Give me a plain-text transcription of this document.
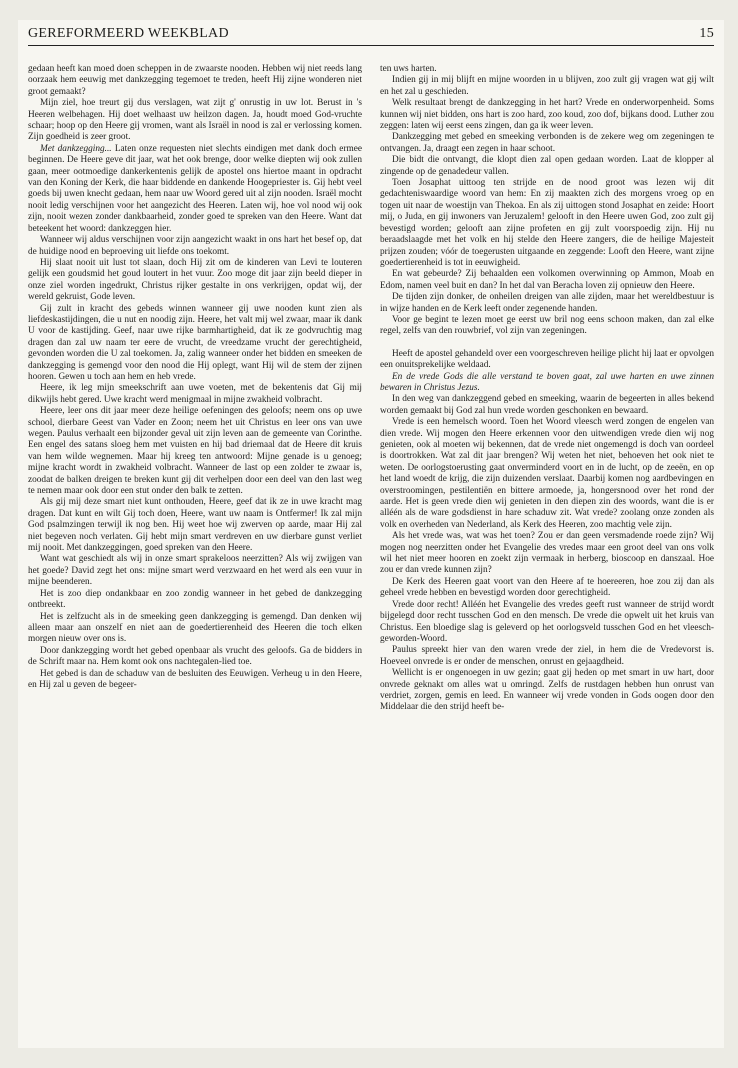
GEREFORMEERD WEEKBLAD	15

gedaan heeft kan moed doen scheppen in de zwaarste nooden. Hebben wij niet reeds lang oorzaak hem eeuwig met dankzegging tegemoet te treden, heeft Hij zijne wonderen niet groot gemaakt?

Mijn ziel, hoe treurt gij dus verslagen, wat zijt g' onrustig in uw lot. Berust in 's Heeren welbehagen. Hij doet welhaast uw heilzon dagen. Ja, houdt moed God-vruchte schaar; hoop op den Heere gij vromen, want als Israël in nood is zal er verlossing komen. Zijn goedheid is zeer groot.

Met dankzegging... Laten onze requesten niet slechts eindigen met dank doch ermee beginnen. De Heere geve dit jaar, wat het ook brenge, door welke diepten wij ook zullen gaan, meer ootmoedige dankerkentenis gelijk de apostel ons hiertoe maant in opdracht van den Koning der Kerk, die haar biddende en dankende Hoogepriester is. Gij hebt veel goeds bij uwen knecht gedaan, hem naar uw Woord gered uit al zijn nooden. Israël mocht nooit ledig verschijnen voor het aangezicht des Heeren. Laten wij, hoe vol nood wij ook zijn, nooit wezen zonder dankbaarheid, zonder goed te spreken van den Heere. Want dat beteekent het woord: dankzeggen hier.

Wanneer wij aldus verschijnen voor zijn aangezicht waakt in ons hart het besef op, dat de huidige nood en beproeving uit liefde ons toekomt.

Hij slaat nooit uit lust tot slaan, doch Hij zit om de kinderen van Levi te louteren gelijk een goudsmid het goud loutert in het vuur. Zoo moge dit jaar zijn beeld dieper in onze ziel worden ingedrukt, Christus rijker gestalte in ons verkrijgen, opdat wij, der wereld gekruist, Gode leven.

Gij zult in kracht des gebeds winnen wanneer gij uwe nooden kunt zien als liefdeskastijdingen, die u nut en noodig zijn. Heere, het valt mij wel zwaar, maar ik dank U voor de kastijding. Geef, naar uwe rijke barmhartigheid, dat ik ze godvruchtig mag dragen dan zal uw naam ter eere de vrucht, de vreedzame vrucht der gerechtigheid, gevonden worden die U zal toekomen. Ja, zalig wanneer onder het bidden en smeeken de dankzegging is gemengd voor den nood die Hij oplegt, want Hij wil de stem der zijnen hooren. Gewen u toch aan hem en heb vrede.

Heere, ik leg mijn smeekschrift aan uwe voeten, met de bekentenis dat Gij mij dikwijls hebt gered. Uwe kracht werd menigmaal in mijne zwakheid volbracht.

Heere, leer ons dit jaar meer deze heilige oefeningen des geloofs; neem ons op uwe school, dierbare Geest van Vader en Zoon; neem het uit Christus en leer ons van uwe wegen. Paulus verhaalt een bijzonder geval uit zijn leven aan de gemeente van Corinthe. Een engel des satans sloeg hem met vuisten en hij bad driemaal dat de Heere dit kruis van hem wilde wegnemen. Maar hij kreeg ten antwoord: Mijne genade is u genoeg; mijne kracht wordt in zwakheid volbracht. Wanneer de last op een zolder te zwaar is, zoodat de balken dreigen te breken kunt gij dit verhelpen door een deel van den last weg te nemen maar ook door een stut onder den balk te zetten.

Als gij mij deze smart niet kunt onthouden, Heere, geef dat ik ze in uwe kracht mag dragen. Dat kunt en wilt Gij toch doen, Heere, want uw naam is Ontfermer! Ik zal mijn God psalmzingen terwijl ik nog ben. Hij weet hoe wij zwerven op aarde, maar Hij zal niet begeven noch verlaten. Gij hebt mijn smart verdreven en uw dierbare gunst verliet mij nooit. Met dankzeggingen, goed spreken van den Heere.

Want wat geschiedt als wij in onze smart sprakeloos neerzitten? Als wij zwijgen van het goede? David zegt het ons: mijne smart werd verzwaard en het werd als een vuur in mijne beenderen.

Het is zoo diep ondankbaar en zoo zondig wanneer in het gebed de dankzegging ontbreekt.

Het is zelfzucht als in de smeeking geen dankzegging is gemengd. Dan denken wij alleen maar aan onszelf en niet aan de goedertierenheid des Heeren die toch elken morgen nieuw over ons is.

Door dankzegging wordt het gebed openbaar als vrucht des geloofs. Ga de bidders in de Schrift maar na. Hem komt ook ons nachtegalen-lied toe.

Het gebed is dan de schaduw van de besluiten des Eeuwigen. Verheug u in den Heere, en Hij zal u geven de begeer-

ten uws harten.

Indien gij in mij blijft en mijne woorden in u blijven, zoo zult gij vragen wat gij wilt en het zal u geschieden.

Welk resultaat brengt de dankzegging in het hart? Vrede en onderworpenheid. Soms kunnen wij niet bidden, ons hart is zoo hard, zoo koud, zoo dof, bijkans dood. Luther zou zeggen: laten wij eerst eens zingen, dan ga ik weer leven.

Dankzegging met gebed en smeeking verbonden is de zekere weg om zegeningen te ontvangen. Ja, draagt een zegen in haar schoot.

Die bidt die ontvangt, die klopt dien zal open gedaan worden. Laat de klopper al zingende op de genadedeur vallen.

Toen Josaphat uittoog ten strijde en de nood groot was lezen wij dit gedachteniswaardige woord van hem: En zij maakten zich des morgens vroeg op en togen uit naar de woestijn van Thekoa. En als zij uittogen stond Josaphat en zeide: Hoort mij, o Juda, en gij inwoners van Jeruzalem! gelooft in den Heere uwen God, zoo zult gij bevestigd worden; gelooft aan zijne profeten en gij zult voorspoedig zijn. Hij nu beraadslaagde met het volk en hij stelde den Heere zangers, die de heilige Majesteit prijzen zouden; vóór de toegerusten uitgaande en zeggende: Looft den Heere, want zijne goedertierenheid is tot in eeuwigheid.

En wat gebeurde? Zij behaalden een volkomen overwinning op Ammon, Moab en Edom, namen veel buit en dan? In het dal van Beracha loven zij opnieuw den Heere.

De tijden zijn donker, de onheilen dreigen van alle zijden, maar het wereldbestuur is in wijze handen en de Kerk leeft onder zegenende handen.

Voor ge begint te lezen moet ge eerst uw bril nog eens schoon maken, dan zal elke regel, zelfs van den rouwbrief, vol zijn van zegeningen.

Heeft de apostel gehandeld over een voorgeschreven heilige plicht hij laat er opvolgen een onuitsprekelijke weldaad.

En de vrede Gods die alle verstand te boven gaat, zal uwe harten en uwe zinnen bewaren in Christus Jezus.

In den weg van dankzeggend gebed en smeeking, waarin de begeerten in alles bekend worden gemaakt bij God zal hun vrede worden geschonken en bewaard.

Vrede is een hemelsch woord. Toen het Woord vleesch werd zongen de engelen van dien vrede. Wij mogen den Heere erkennen voor den uitwendigen vrede dien wij nog genieten, ook al moeten wij bekennen, dat de vrede niet ongemengd is doch van oordeel is doortrokken. Wat zal dit jaar brengen? Wij weten het niet, behoeven het ook niet te weten. De oorlogstoerusting gaat onverminderd voort en in de lucht, op de zeeën, en op het land woedt de krijg, die zijn duizenden verslaat. Daarbij komen nog aardbevingen en overstroomingen, pestilentiën en bittere armoede, ja, hongersnood over het rond der aarde. Het is geen vrede dien wij genieten in den diepen zin des woords, want die is er alléén als de ware godsdienst in hare schaduw zit. Wat vrede? zoolang onze zonden als volk en overheden van Nederland, als Kerk des Heeren, zoo machtig vele zijn.

Als het vrede was, wat was het toen? Zou er dan geen versmadende roede zijn? Wij mogen nog neerzitten onder het Evangelie des vredes maar een groot deel van ons volk wil het niet meer hooren en zoekt zijn vermaak in herberg, bioscoop en danszaal. Hoe zou er dan vrede kunnen zijn?

De Kerk des Heeren gaat voort van den Heere af te hoereeren, hoe zou zij dan als geheel vrede hebben en bevestigd worden door gerechtigheid.

Vrede door recht! Alléén het Evangelie des vredes geeft rust wanneer de strijd wordt bijgelegd door recht tusschen God en den mensch. De vrede die opwelt uit het kruis van Christus. Een bloedige slag is geleverd op het oorlogsveld tusschen God en het vleesch-geworden-Woord.

Paulus spreekt hier van den waren vrede der ziel, in hem die de Vredevorst is. Hoeveel onvrede is er onder de menschen, onrust en gejaagdheid.

Wellicht is er ongenoegen in uw gezin; gaat gij heden op met smart in uw hart, door onvrede geknakt om alles wat u omringd. Zelfs de rustdagen hebben hun onrust van verdriet, zorgen, gemis en leed. En wanneer wij vrede vonden in Gods oogen door den Middelaar die den strijd heeft be-
